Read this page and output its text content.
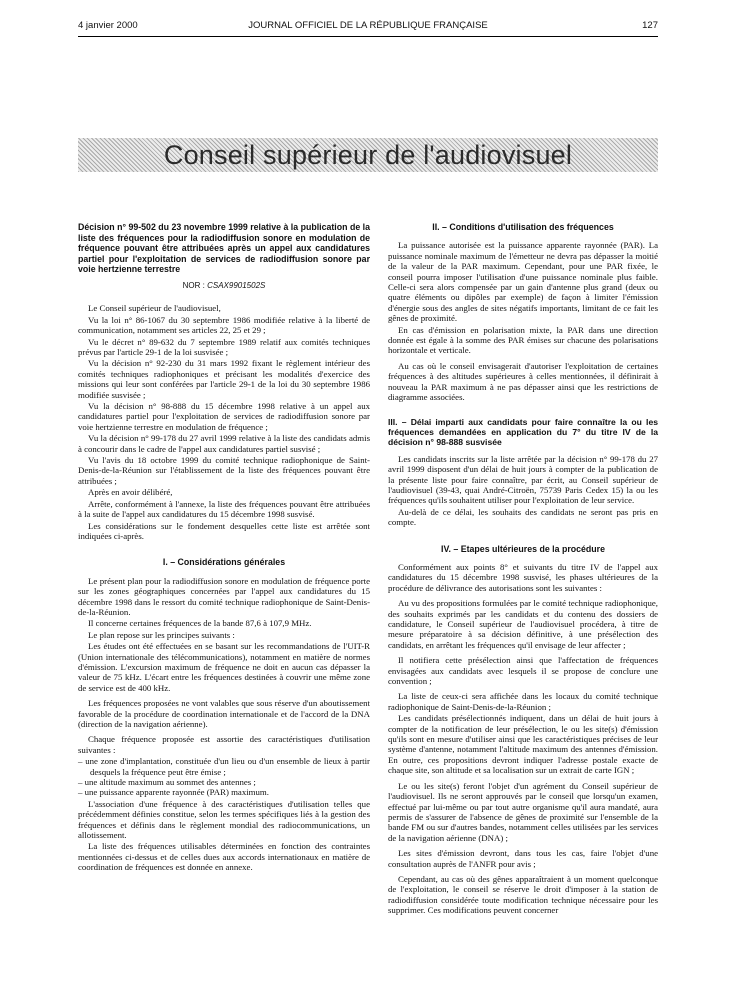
4 janvier 2000	JOURNAL OFFICIEL DE LA RÉPUBLIQUE FRANÇAISE	127
Conseil supérieur de l'audiovisuel
Décision n° 99-502 du 23 novembre 1999 relative à la publication de la liste des fréquences pour la radiodiffusion sonore en modulation de fréquence pouvant être attribuées après un appel aux candidatures partiel pour l'exploitation de services de radiodiffusion sonore par voie hertzienne terrestre
NOR : CSAX9901502S

Le Conseil supérieur de l'audiovisuel,

Vu la loi n° 86-1067 du 30 septembre 1986 modifiée relative à la liberté de communication, notamment ses articles 22, 25 et 29 ;

Vu le décret n° 89-632 du 7 septembre 1989 relatif aux comités techniques prévus par l'article 29-1 de la loi susvisée ;

Vu la décision n° 92-230 du 31 mars 1992 fixant le règlement intérieur des comités techniques radiophoniques et précisant les modalités d'exercice des missions qui leur sont conférées par l'article 29-1 de la loi du 30 septembre 1986 modifiée susvisée ;

Vu la décision n° 98-888 du 15 décembre 1998 relative à un appel aux candidatures partiel pour l'exploitation de services de radiodiffusion sonore par voie hertzienne terrestre en modulation de fréquence ;

Vu la décision n° 99-178 du 27 avril 1999 relative à la liste des candidats admis à concourir dans le cadre de l'appel aux candidatures partiel susvisé ;

Vu l'avis du 18 octobre 1999 du comité technique radiophonique de Saint-Denis-de-la-Réunion sur l'établissement de la liste des fréquences pouvant être attribuées ;

Après en avoir délibéré,

Arrête, conformément à l'annexe, la liste des fréquences pouvant être attribuées à la suite de l'appel aux candidatures du 15 décembre 1998 susvisé.

Les considérations sur le fondement desquelles cette liste est arrêtée sont indiquées ci-après.

I. – Considérations générales

Le présent plan pour la radiodiffusion sonore en modulation de fréquence porte sur les zones géographiques concernées par l'appel aux candidatures du 15 décembre 1998 dans le ressort du comité technique radiophonique de Saint-Denis-de-la-Réunion.

Il concerne certaines fréquences de la bande 87,6 à 107,9 MHz.

Le plan repose sur les principes suivants :

Les études ont été effectuées en se basant sur les recommandations de l'UIT-R (Union internationale des télécommunications), notamment en matière de normes d'émission. L'excursion maximum de fréquence ne doit en aucun cas dépasser la valeur de 75 kHz. L'écart entre les fréquences destinées à couvrir une même zone de service est de 400 kHz.

Les fréquences proposées ne vont valables que sous réserve d'un aboutissement favorable de la procédure de coordination internationale et de l'accord de la DNA (direction de la navigation aérienne).

Chaque fréquence proposée est assortie des caractéristiques d'utilisation suivantes :

– une zone d'implantation, constituée d'un lieu ou d'un ensemble de lieux à partir desquels la fréquence peut être émise ;
– une altitude maximum au sommet des antennes ;
– une puissance apparente rayonnée (PAR) maximum.

L'association d'une fréquence à des caractéristiques d'utilisation telles que précédemment définies constitue, selon les termes spécifiques liés à la gestion des fréquences et définis dans le règlement mondial des radiocommunications, un allotissement.

La liste des fréquences utilisables déterminées en fonction des contraintes mentionnées ci-dessus et de celles dues aux accords internationaux en matière de coordination de fréquences est donnée en annexe.

II. – Conditions d'utilisation des fréquences

La puissance autorisée est la puissance apparente rayonnée (PAR). La puissance nominale maximum de l'émetteur ne devra pas dépasser la moitié de la valeur de la PAR maximum. Cependant, pour une PAR fixée, le conseil pourra imposer l'utilisation d'une puissance nominale plus faible. Celle-ci sera alors compensée par un gain d'antenne plus grand (deux ou quatre éléments ou dipôles par exemple) de façon à limiter l'émission d'énergie sous des angles de sites négatifs importants, limitant de ce fait les gênes de proximité.

En cas d'émission en polarisation mixte, la PAR dans une direction donnée est égale à la somme des PAR émises sur chacune des polarisations horizontale et verticale.

Au cas où le conseil envisagerait d'autoriser l'exploitation de certaines fréquences à des altitudes supérieures à celles mentionnées, il définirait à nouveau la PAR maximum à ne pas dépasser ainsi que les restrictions de diagramme associées.

III. – Délai imparti aux candidats pour faire connaître la ou les fréquences demandées en application du 7° du titre IV de la décision n° 98-888 susvisée

Les candidats inscrits sur la liste arrêtée par la décision n° 99-178 du 27 avril 1999 disposent d'un délai de huit jours à compter de la publication de la présente liste pour faire connaître, par écrit, au Conseil supérieur de l'audiovisuel (39-43, quai André-Citroën, 75739 Paris Cedex 15) la ou les fréquences qu'ils souhaitent utiliser pour l'exploitation de leur service.

Au-delà de ce délai, les souhaits des candidats ne seront pas pris en compte.

IV. – Etapes ultérieures de la procédure

Conformément aux points 8° et suivants du titre IV de l'appel aux candidatures du 15 décembre 1998 susvisé, les phases ultérieures de la procédure de délivrance des autorisations sont les suivantes :

Au vu des propositions formulées par le comité technique radiophonique, des souhaits exprimés par les candidats et du contenu des dossiers de candidature, le Conseil supérieur de l'audiovisuel procédera, à titre de mesure préparatoire à sa décision définitive, à une présélection des candidats, en arrêtant les fréquences qu'il envisage de leur affecter ;

Il notifiera cette présélection ainsi que l'affectation de fréquences envisagées aux candidats avec lesquels il se propose de conclure une convention ;

La liste de ceux-ci sera affichée dans les locaux du comité technique radiophonique de Saint-Denis-de-la-Réunion ;

Les candidats présélectionnés indiquent, dans un délai de huit jours à compter de la notification de leur présélection, le ou les site(s) d'émission qu'ils sont en mesure d'utiliser ainsi que les caractéristiques précises de leur système d'antenne, notamment l'altitude maximum des antennes d'émission. En outre, ces propositions devront indiquer l'adresse postale exacte de chaque site, son altitude et sa localisation sur un extrait de carte IGN ;

Le ou les site(s) feront l'objet d'un agrément du Conseil supérieur de l'audiovisuel. Ils ne seront approuvés par le conseil que lorsqu'un examen, effectué par lui-même ou par tout autre organisme qu'il aura mandaté, aura permis de s'assurer de l'absence de gênes de proximité sur l'ensemble de la bande FM ou sur d'autres bandes, notamment celles utilisées par les services de la navigation aérienne (DNA) ;

Les sites d'émission devront, dans tous les cas, faire l'objet d'une consultation auprès de l'ANFR pour avis ;

Cependant, au cas où des gênes apparaîtraient à un moment quelconque de l'exploitation, le conseil se réserve le droit d'imposer à la station de radiodiffusion considérée toute modification technique nécessaire pour les supprimer. Ces modifications peuvent concerner
